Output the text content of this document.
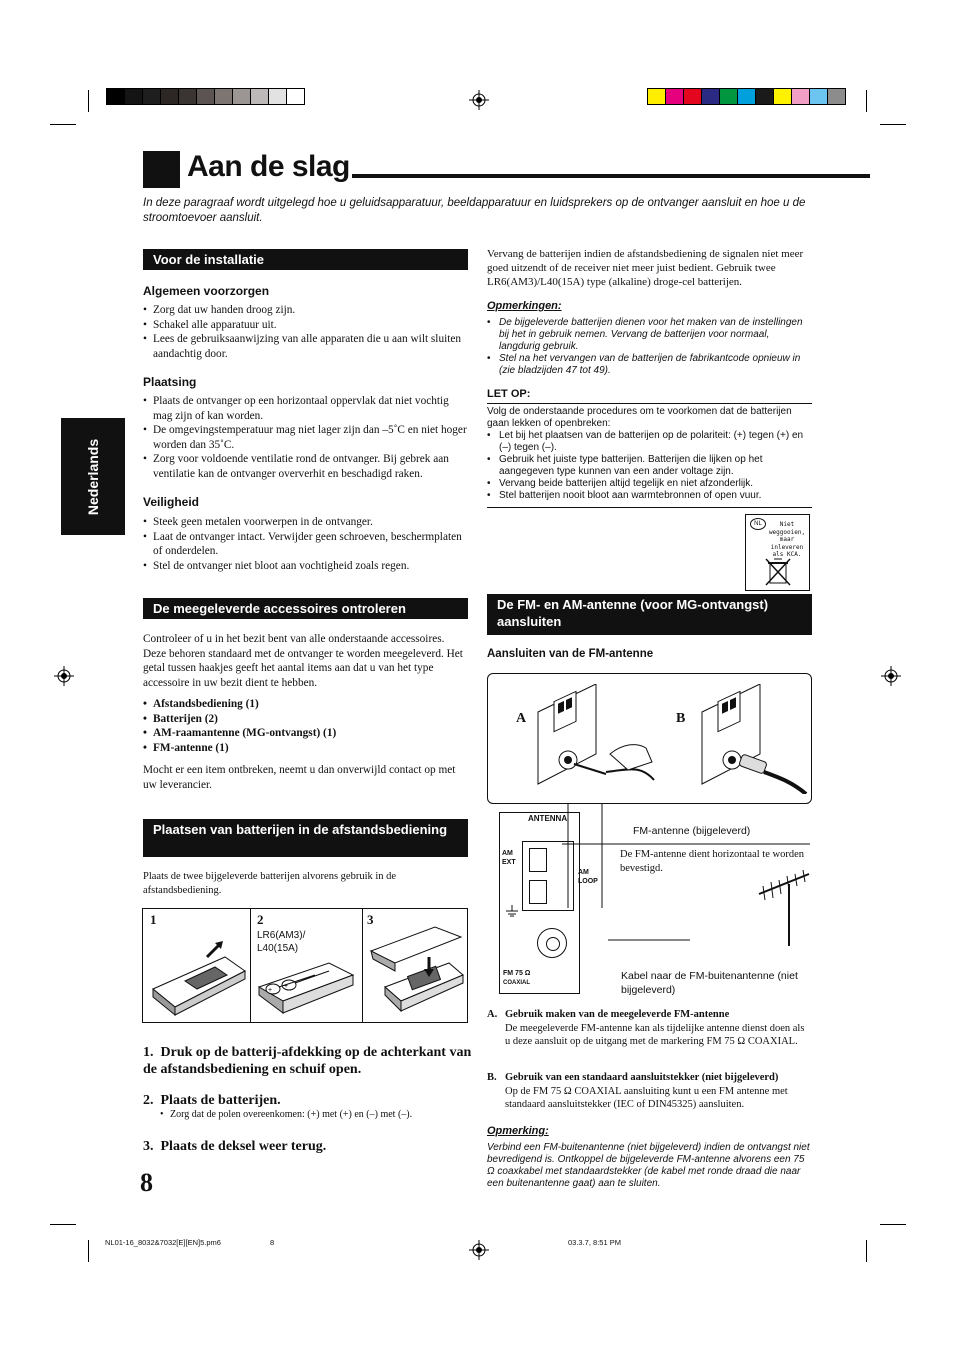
Aan de slag
In deze paragraaf wordt uitgelegd hoe u geluidsapparatuur, beeldapparatuur en luidsprekers op de ontvanger aansluit en hoe u de stroomtoevoer aansluit.
Nederlands
Voor de installatie
Algemeen voorzorgen
• Zorg dat uw handen droog zijn.
• Schakel alle apparatuur uit.
• Lees de gebruiksaanwijzing van alle apparaten die u aan wilt sluiten aandachtig door.
Plaatsing
• Plaats de ontvanger op een horizontaal oppervlak dat niet vochtig mag zijn of kan worden.
• De omgevingstemperatuur mag niet lager zijn dan –5˚C en niet hoger worden dan 35˚C.
• Zorg voor voldoende ventilatie rond de ontvanger. Bij gebrek aan ventilatie kan de ontvanger oververhit en beschadigd raken.
Veiligheid
• Steek geen metalen voorwerpen in de ontvanger.
• Laat de ontvanger intact. Verwijder geen schroeven, beschermplaten of onderdelen.
• Stel de ontvanger niet bloot aan vochtigheid zoals regen.
De meegeleverde accessoires ontroleren
Controleer of u in het bezit bent van alle onderstaande accessoires. Deze behoren standaard met de ontvanger te worden meegeleverd. Het getal tussen haakjes geeft het aantal items aan dat u van het type accessoire in uw bezit dient te hebben.
• Afstandsbediening (1)
• Batterijen (2)
• AM-raamantenne (MG-ontvangst) (1)
• FM-antenne (1)
Mocht er een item ontbreken, neemt u dan onverwijld contact op met uw leverancier.
Plaatsen van batterijen in de afstandsbediening
Plaats de twee bijgeleverde batterijen alvorens gebruik in de afstandsbediening.
1	2
LR6(AM3)/ L40(15A)
3
+
+
1. Druk op de batterij-afdekking op de achterkant van de afstandsbediening en schuif open.
2. Plaats de batterijen.
• Zorg dat de polen overeenkomen: (+) met (+) en (–) met (–).
3. Plaats de deksel weer terug.
Vervang de batterijen indien de afstandsbediening de signalen niet meer goed uitzendt of de receiver niet meer juist bedient. Gebruik twee LR6(AM3)/L40(15A) type (alkaline) droge-cel batterijen.
Opmerkingen:
• De bijgeleverde batterijen dienen voor het maken van de instellingen bij het in gebruik nemen. Vervang de batterijen voor normaal, langdurig gebruik.
• Stel na het vervangen van de batterijen de fabrikantcode opnieuw in (zie bladzijden 47 tot 49).
LET OP:
Volg de onderstaande procedures om te voorkomen dat de batterijen gaan lekken of openbreken:
• Let bij het plaatsen van de batterijen op de polariteit: (+) tegen (+) en (–) tegen (–).
• Gebruik het juiste type batterijen. Batterijen die lijken op het aangegeven type kunnen van een ander voltage zijn.
• Vervang beide batterijen altijd tegelijk en niet afzonderlijk.
• Stel batterijen nooit bloot aan warmtebronnen of open vuur.
NL	Niet weggooien, maar inleveren als KCA.
De FM- en AM-antenne (voor MG-ontvangst) aansluiten
Aansluiten van de FM-antenne
A	B
ANTENNA
AM EXT
AM LOOP
FM 75 Ω
COAXIAL
FM-antenne (bijgeleverd)
De FM-antenne dient horizontaal te worden bevestigd.
Kabel naar de FM-buitenantenne (niet bijgeleverd)
A. Gebruik maken van de meegeleverde FM-antenne
De meegeleverde FM-antenne kan als tijdelijke antenne dienst doen als u deze aansluit op de uitgang met de markering FM 75 Ω COAXIAL.
B. Gebruik van een standaard aansluitstekker (niet bijgeleverd)
Op de FM 75 Ω COAXIAL aansluiting kunt u een FM antenne met standaard aansluitstekker (IEC of DIN45325) aansluiten.
Opmerking:
Verbind een FM-buitenantenne (niet bijgeleverd) indien de ontvangst niet bevredigend is. Ontkoppel de bijgeleverde FM-antenne alvorens een 75 Ω coaxkabel met standaardstekker (de kabel met ronde draad die naar een buitenantenne gaat) aan te sluiten.
8
NL01-16_8032&7032[E][EN]5.pm6	8	03.3.7, 8:51 PM
